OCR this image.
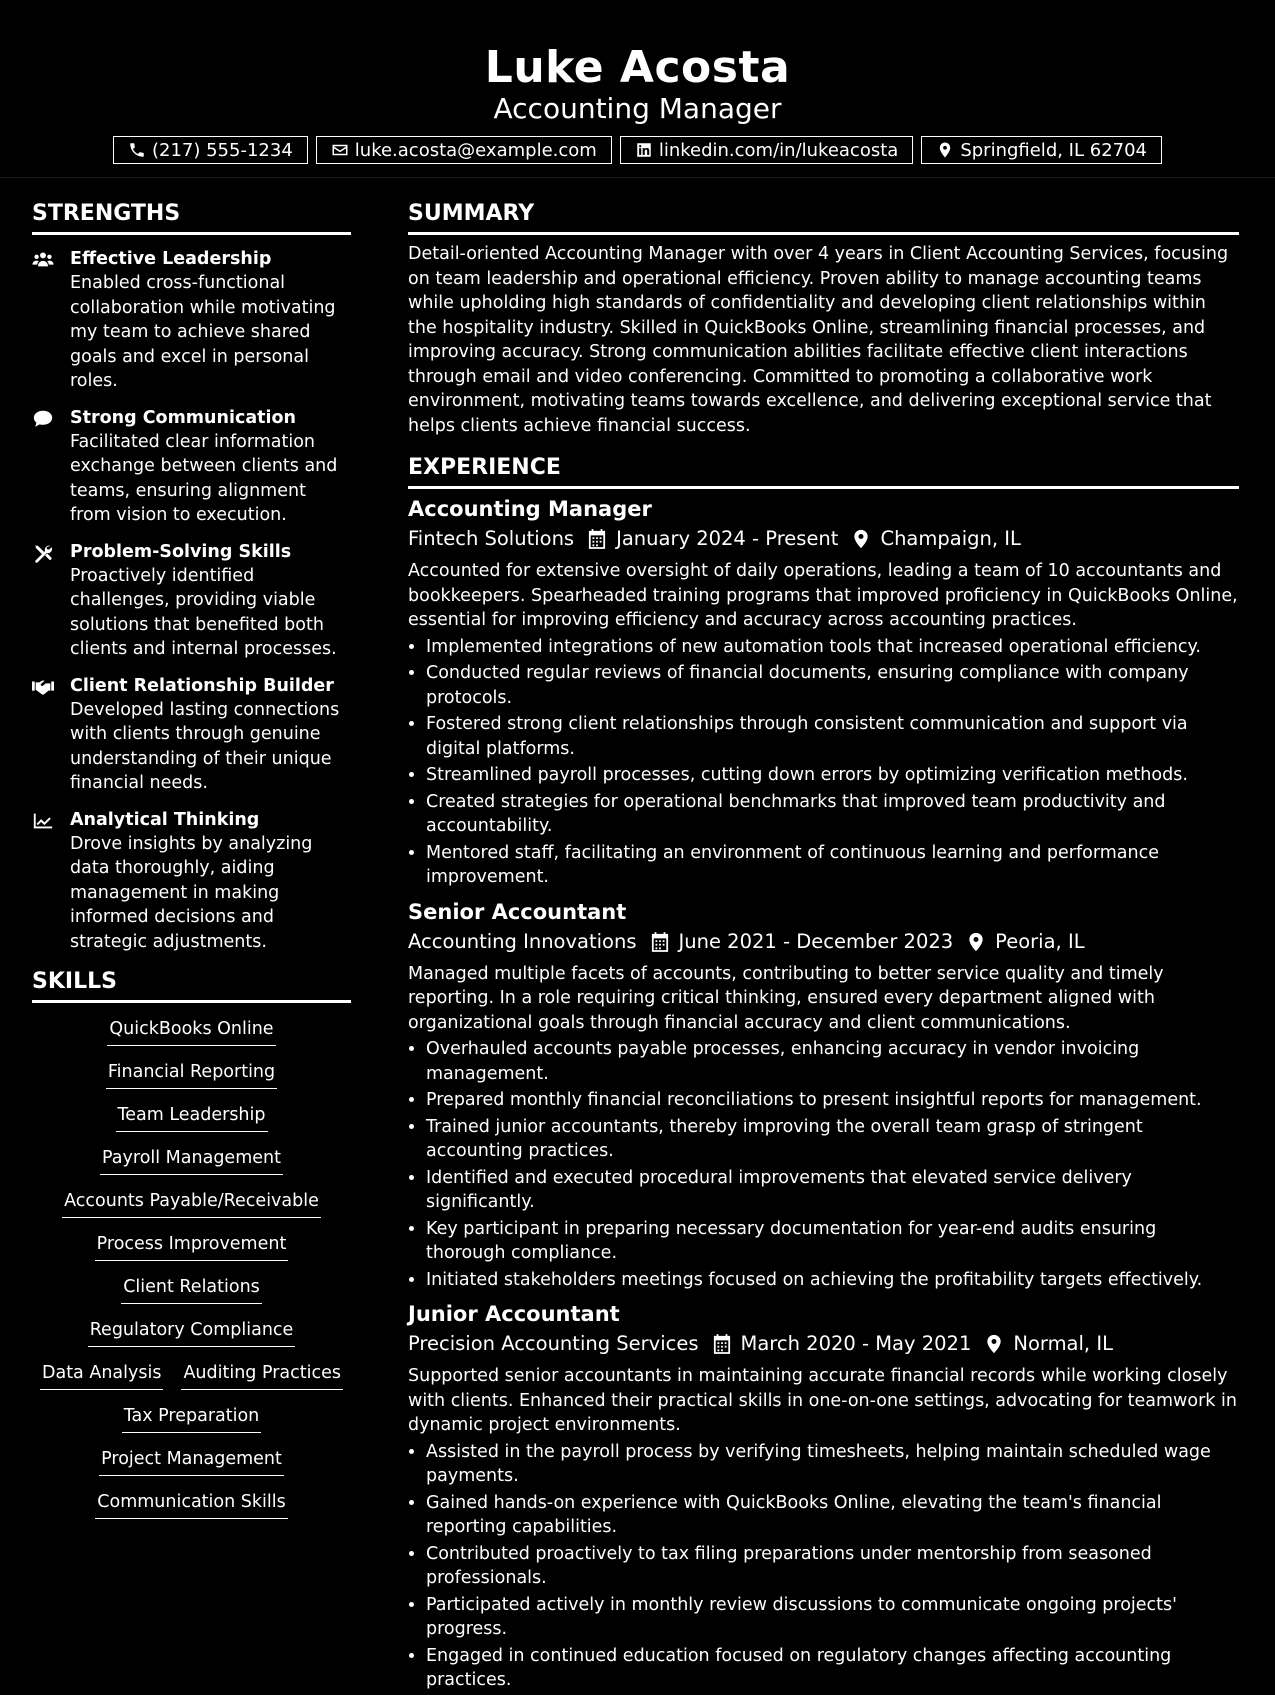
Luke Acosta
Accounting Manager
(217) 555-1234	luke.acosta@example.com	linkedin.com/in/lukeacosta	Springfield, IL 62704
STRENGTHS
Effective Leadership
Enabled cross-functional collaboration while motivating my team to achieve shared goals and excel in personal roles.
Strong Communication
Facilitated clear information exchange between clients and teams, ensuring alignment from vision to execution.
Problem-Solving Skills
Proactively identified challenges, providing viable solutions that benefited both clients and internal processes.
Client Relationship Builder
Developed lasting connections with clients through genuine understanding of their unique financial needs.
Analytical Thinking
Drove insights by analyzing data thoroughly, aiding management in making informed decisions and strategic adjustments.
SKILLS
QuickBooks Online
Financial Reporting
Team Leadership
Payroll Management
Accounts Payable/Receivable
Process Improvement
Client Relations
Regulatory Compliance
Data Analysis Auditing Practices
Tax Preparation
Project Management
Communication Skills
SUMMARY
Detail-oriented Accounting Manager with over 4 years in Client Accounting Services, focusing on team leadership and operational efficiency. Proven ability to manage accounting teams while upholding high standards of confidentiality and developing client relationships within the hospitality industry. Skilled in QuickBooks Online, streamlining financial processes, and improving accuracy. Strong communication abilities facilitate effective client interactions through email and video conferencing. Committed to promoting a collaborative work environment, motivating teams towards excellence, and delivering exceptional service that helps clients achieve financial success.
EXPERIENCE
Accounting Manager
Fintech Solutions January 2024 - Present Champaign, IL
Accounted for extensive oversight of daily operations, leading a team of 10 accountants and bookkeepers. Spearheaded training programs that improved proficiency in QuickBooks Online, essential for improving efficiency and accuracy across accounting practices.
• Implemented integrations of new automation tools that increased operational efficiency.
• Conducted regular reviews of financial documents, ensuring compliance with company protocols.
• Fostered strong client relationships through consistent communication and support via digital platforms.
• Streamlined payroll processes, cutting down errors by optimizing verification methods.
• Created strategies for operational benchmarks that improved team productivity and accountability.
• Mentored staff, facilitating an environment of continuous learning and performance improvement.
Senior Accountant
Accounting Innovations June 2021 - December 2023 Peoria, IL
Managed multiple facets of accounts, contributing to better service quality and timely reporting. In a role requiring critical thinking, ensured every department aligned with organizational goals through financial accuracy and client communications.
• Overhauled accounts payable processes, enhancing accuracy in vendor invoicing management.
• Prepared monthly financial reconciliations to present insightful reports for management.
• Trained junior accountants, thereby improving the overall team grasp of stringent accounting practices.
• Identified and executed procedural improvements that elevated service delivery significantly.
• Key participant in preparing necessary documentation for year-end audits ensuring thorough compliance.
• Initiated stakeholders meetings focused on achieving the profitability targets effectively.
Junior Accountant
Precision Accounting Services March 2020 - May 2021 Normal, IL
Supported senior accountants in maintaining accurate financial records while working closely with clients. Enhanced their practical skills in one-on-one settings, advocating for teamwork in dynamic project environments.
• Assisted in the payroll process by verifying timesheets, helping maintain scheduled wage payments.
• Gained hands-on experience with QuickBooks Online, elevating the team's financial reporting capabilities.
• Contributed proactively to tax filing preparations under mentorship from seasoned professionals.
• Participated actively in monthly review discussions to communicate ongoing projects' progress.
• Engaged in continued education focused on regulatory changes affecting accounting practices.
